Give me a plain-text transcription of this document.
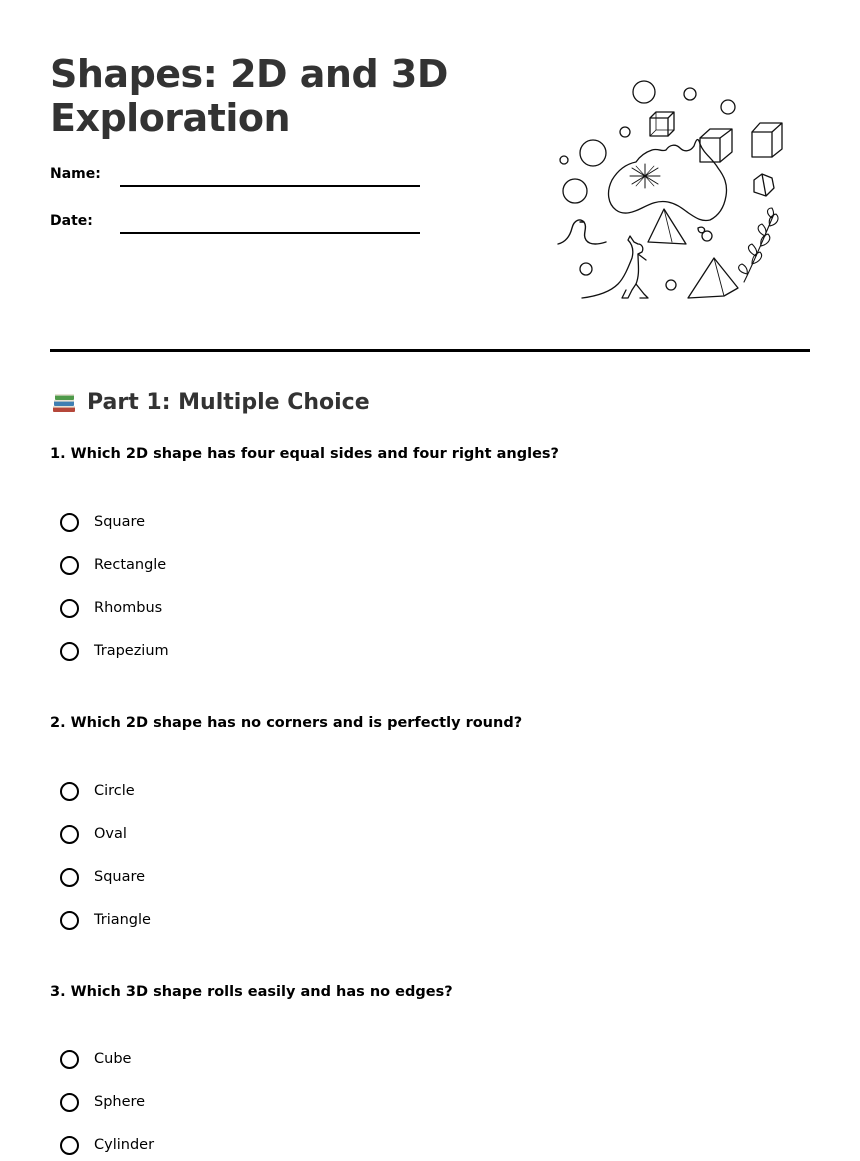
Shapes: 2D and 3D Exploration
Name:
Date:
Part 1: Multiple Choice

1. Which 2D shape has four equal sides and four right angles?

Square
Rectangle
Rhombus
Trapezium

2. Which 2D shape has no corners and is perfectly round?

Circle
Oval
Square
Triangle

3. Which 3D shape rolls easily and has no edges?

Cube
Sphere
Cylinder
